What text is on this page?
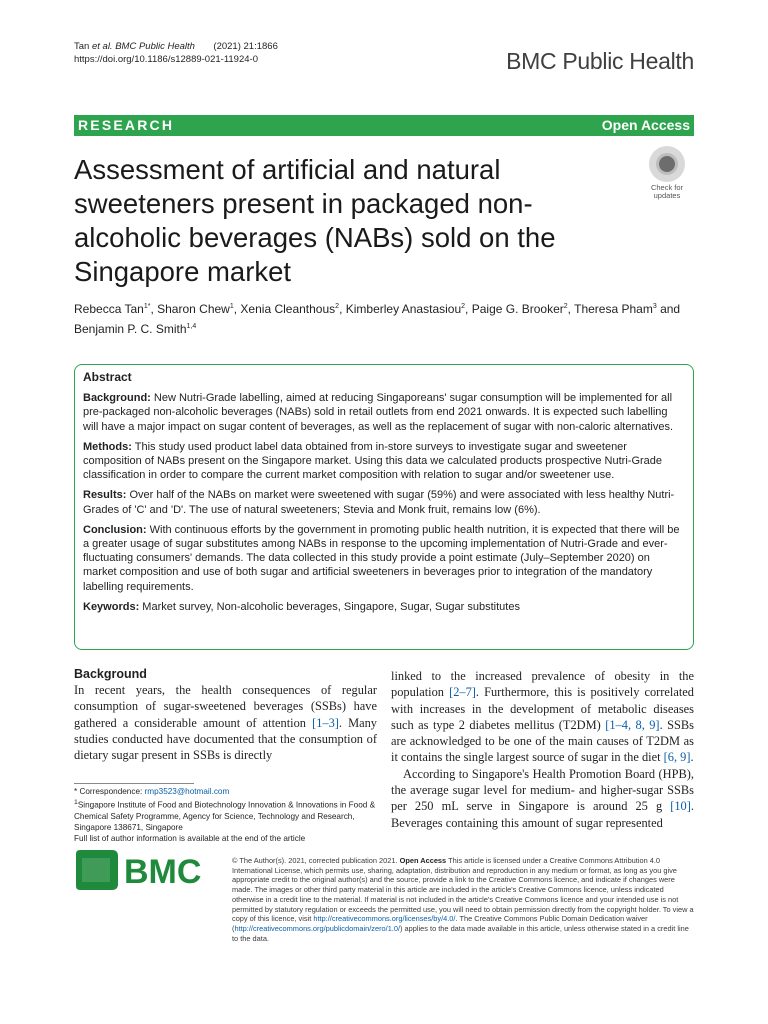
Tan et al. BMC Public Health (2021) 21:1866
https://doi.org/10.1186/s12889-021-11924-0	BMC Public Health
RESEARCH	Open Access
Assessment of artificial and natural sweeteners present in packaged non-alcoholic beverages (NABs) sold on the Singapore market
Check for
updates
Rebecca Tan$^{1*}$, Sharon Chew$^1$, Xenia Cleanthous$^2$, Kimberley Anastasiou$^2$, Paige G. Brooker$^2$, Theresa Pham$^3$ and
Benjamin P. C. Smith$^{1,4}$
Abstract

Background: New Nutri-Grade labelling, aimed at reducing Singaporeans' sugar consumption will be implemented for all pre-packaged non-alcoholic beverages (NABs) sold in retail outlets from end 2021 onwards. It is expected such labelling will have a major impact on sugar content of beverages, as well as the replacement of sugar with non-caloric alternatives.

Methods: This study used product label data obtained from in-store surveys to investigate sugar and sweetener composition of NABs present on the Singapore market. Using this data we calculated products prospective Nutri-Grade classification in order to compare the current market composition with relation to sugar and/or sweetener use.

Results: Over half of the NABs on market were sweetened with sugar (59%) and were associated with less healthy Nutri-Grades of 'C' and 'D'. The use of natural sweeteners; Stevia and Monk fruit, remains low (6%).

Conclusion: With continuous efforts by the government in promoting public health nutrition, it is expected that there will be a greater usage of sugar substitutes among NABs in response to the upcoming implementation of Nutri-Grade and ever-fluctuating consumers' demands. The data collected in this study provide a point estimate (July–September 2020) on market composition and use of both sugar and artificial sweeteners in beverages prior to integration of the mandatory labelling requirements.

Keywords: Market survey, Non-alcoholic beverages, Singapore, Sugar, Sugar substitutes

Background

In recent years, the health consequences of regular consumption of sugar-sweetened beverages (SSBs) have gathered a considerable amount of attention [1–3]. Many studies conducted have documented that the consumption of dietary sugar present in SSBs is directly

linked to the increased prevalence of obesity in the population [2–7]. Furthermore, this is positively correlated with increases in the development of metabolic diseases such as type 2 diabetes mellitus (T2DM) [1–4, 8, 9]. SSBs are acknowledged to be one of the main causes of T2DM as it contains the single largest source of sugar in the diet [6, 9].

According to Singapore's Health Promotion Board (HPB), the average sugar level for medium- and higher-sugar SSBs per 250 mL serve in Singapore is around 25 g [10]. Beverages containing this amount of sugar represented

* Correspondence: rmp3523@hotmail.com
$^1$Singapore Institute of Food and Biotechnology Innovation & Innovations in Food & Chemical Safety Programme, Agency for Science, Technology and Research, Singapore 138671, Singapore
Full list of author information is available at the end of the article
BMC	© The Author(s). 2021, corrected publication 2021. Open Access This article is licensed under a Creative Commons Attribution 4.0 International License, which permits use, sharing, adaptation, distribution and reproduction in any medium or format, as long as you give appropriate credit to the original author(s) and the source, provide a link to the Creative Commons licence, and indicate if changes were made. The images or other third party material in this article are included in the article's Creative Commons licence, unless indicated otherwise in a credit line to the material. If material is not included in the article's Creative Commons licence and your intended use is not permitted by statutory regulation or exceeds the permitted use, you will need to obtain permission directly from the copyright holder. To view a copy of this licence, visit http://creativecommons.org/licenses/by/4.0/. The Creative Commons Public Domain Dedication waiver (http://creativecommons.org/publicdomain/zero/1.0/) applies to the data made available in this article, unless otherwise stated in a credit line to the data.
